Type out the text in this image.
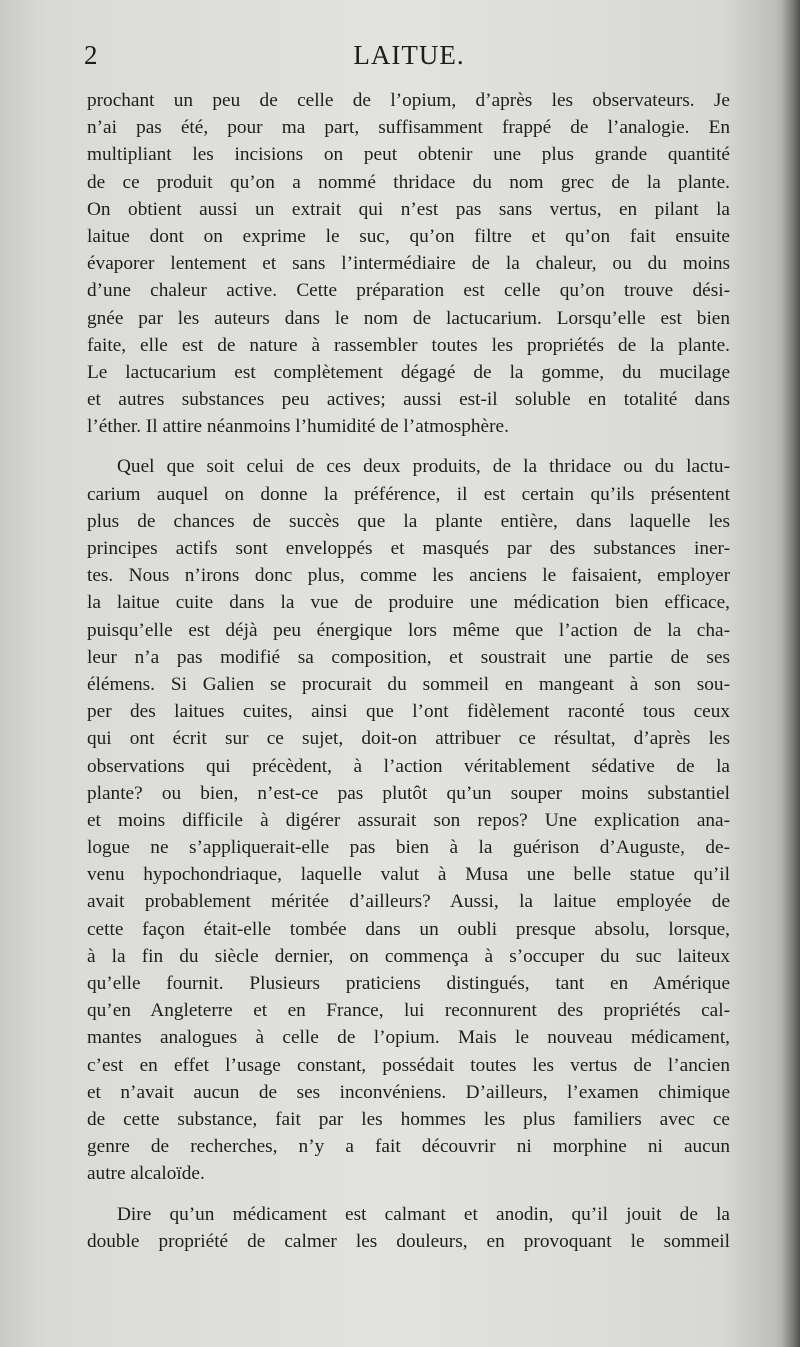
2	LAITUE.
prochant un peu de celle de l’opium, d’après les observateurs. Je
n’ai pas été, pour ma part, suffisamment frappé de l’analogie. En
multipliant les incisions on peut obtenir une plus grande quantité
de ce produit qu’on a nommé thridace du nom grec de la plante.
On obtient aussi un extrait qui n’est pas sans vertus, en pilant la
laitue dont on exprime le suc, qu’on filtre et qu’on fait ensuite
évaporer lentement et sans l’intermédiaire de la chaleur, ou du moins
d’une chaleur active. Cette préparation est celle qu’on trouve dési-
gnée par les auteurs dans le nom de lactucarium. Lorsqu’elle est bien
faite, elle est de nature à rassembler toutes les propriétés de la plante.
Le lactucarium est complètement dégagé de la gomme, du mucilage
et autres substances peu actives; aussi est-il soluble en totalité dans
l’éther. Il attire néanmoins l’humidité de l’atmosphère.
Quel que soit celui de ces deux produits, de la thridace ou du lactu-
carium auquel on donne la préférence, il est certain qu’ils présentent
plus de chances de succès que la plante entière, dans laquelle les
principes actifs sont enveloppés et masqués par des substances iner-
tes. Nous n’irons donc plus, comme les anciens le faisaient, employer
la laitue cuite dans la vue de produire une médication bien efficace,
puisqu’elle est déjà peu énergique lors même que l’action de la cha-
leur n’a pas modifié sa composition, et soustrait une partie de ses
élémens. Si Galien se procurait du sommeil en mangeant à son sou-
per des laitues cuites, ainsi que l’ont fidèlement raconté tous ceux
qui ont écrit sur ce sujet, doit-on attribuer ce résultat, d’après les
observations qui précèdent, à l’action véritablement sédative de la
plante? ou bien, n’est-ce pas plutôt qu’un souper moins substantiel
et moins difficile à digérer assurait son repos? Une explication ana-
logue ne s’appliquerait-elle pas bien à la guérison d’Auguste, de-
venu hypochondriaque, laquelle valut à Musa une belle statue qu’il
avait probablement méritée d’ailleurs? Aussi, la laitue employée de
cette façon était-elle tombée dans un oubli presque absolu, lorsque,
à la fin du siècle dernier, on commença à s’occuper du suc laiteux
qu’elle fournit. Plusieurs praticiens distingués, tant en Amérique
qu’en Angleterre et en France, lui reconnurent des propriétés cal-
mantes analogues à celle de l’opium. Mais le nouveau médicament,
c’est en effet l’usage constant, possédait toutes les vertus de l’ancien
et n’avait aucun de ses inconvéniens. D’ailleurs, l’examen chimique
de cette substance, fait par les hommes les plus familiers avec ce
genre de recherches, n’y a fait découvrir ni morphine ni aucun
autre alcaloïde.
Dire qu’un médicament est calmant et anodin, qu’il jouit de la
double propriété de calmer les douleurs, en provoquant le sommeil
